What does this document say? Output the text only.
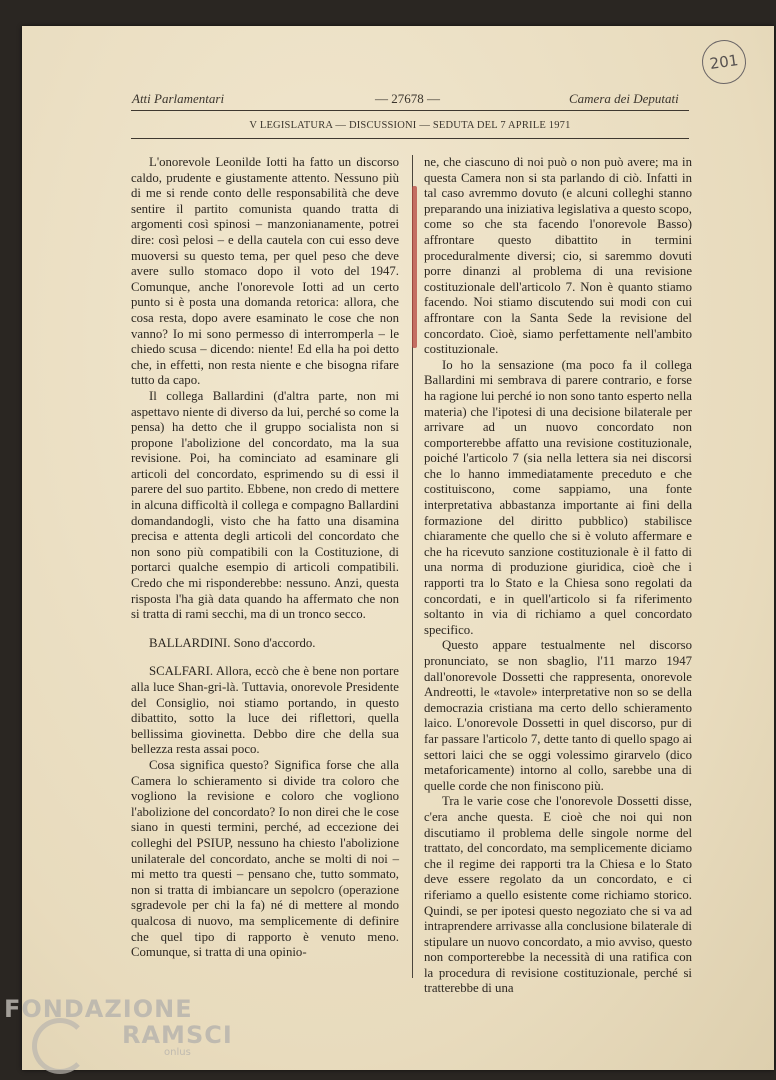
201
Atti Parlamentari	— 27678 —	Camera dei Deputati
V LEGISLATURA — DISCUSSIONI — SEDUTA DEL 7 APRILE 1971

L'onorevole Leonilde Iotti ha fatto un discorso caldo, prudente e giustamente attento. Nessuno più di me si rende conto delle responsabilità che deve sentire il partito comunista quando tratta di argomenti così spinosi – manzonianamente, potrei dire: così pelosi – e della cautela con cui esso deve muoversi su questo tema, per quel peso che deve avere sullo stomaco dopo il voto del 1947. Comunque, anche l'onorevole Iotti ad un certo punto si è posta una domanda retorica: allora, che cosa resta, dopo avere esaminato le cose che non vanno? Io mi sono permesso di interromperla – le chiedo scusa – dicendo: niente! Ed ella ha poi detto che, in effetti, non resta niente e che bisogna rifare tutto da capo.

Il collega Ballardini (d'altra parte, non mi aspettavo niente di diverso da lui, perché so come la pensa) ha detto che il gruppo socialista non si propone l'abolizione del concordato, ma la sua revisione. Poi, ha cominciato ad esaminare gli articoli del concordato, esprimendo su di essi il parere del suo partito. Ebbene, non credo di mettere in alcuna difficoltà il collega e compagno Ballardini domandandogli, visto che ha fatto una disamina precisa e attenta degli articoli del concordato che non sono più compatibili con la Costituzione, di portarci qualche esempio di articoli compatibili. Credo che mi risponderebbe: nessuno. Anzi, questa risposta l'ha già data quando ha affermato che non si tratta di rami secchi, ma di un tronco secco.

BALLARDINI. Sono d'accordo.

SCALFARI. Allora, eccò che è bene non portare alla luce Shan-gri-là. Tuttavia, onorevole Presidente del Consiglio, noi stiamo portando, in questo dibattito, sotto la luce dei riflettori, quella bellissima giovinetta. Debbo dire che della sua bellezza resta assai poco.

Cosa significa questo? Significa forse che alla Camera lo schieramento si divide tra coloro che vogliono la revisione e coloro che vogliono l'abolizione del concordato? Io non direi che le cose siano in questi termini, perché, ad eccezione dei colleghi del PSIUP, nessuno ha chiesto l'abolizione unilaterale del concordato, anche se molti di noi – mi metto tra questi – pensano che, tutto sommato, non si tratta di imbiancare un sepolcro (operazione sgradevole per chi la fa) né di mettere al mondo qualcosa di nuovo, ma semplicemente di definire che quel tipo di rapporto è venuto meno. Comunque, si tratta di una opinio-

ne, che ciascuno di noi può o non può avere; ma in questa Camera non si sta parlando di ciò. Infatti in tal caso avremmo dovuto (e alcuni colleghi stanno preparando una iniziativa legislativa a questo scopo, come so che sta facendo l'onorevole Basso) affrontare questo dibattito in termini proceduralmente diversi; cio, si saremmo dovuti porre dinanzi al problema di una revisione costituzionale dell'articolo 7. Non è quanto stiamo facendo. Noi stiamo discutendo sui modi con cui affrontare con la Santa Sede la revisione del concordato. Cioè, siamo perfettamente nell'ambito costituzionale.

Io ho la sensazione (ma poco fa il collega Ballardini mi sembrava di parere contrario, e forse ha ragione lui perché io non sono tanto esperto nella materia) che l'ipotesi di una decisione bilaterale per arrivare ad un nuovo concordato non comporterebbe affatto una revisione costituzionale, poiché l'articolo 7 (sia nella lettera sia nei discorsi che lo hanno immediatamente preceduto e che costituiscono, come sappiamo, una fonte interpretativa abbastanza importante ai fini della formazione del diritto pubblico) stabilisce chiaramente che quello che si è voluto affermare e che ha ricevuto sanzione costituzionale è il fatto di una norma di produzione giuridica, cioè che i rapporti tra lo Stato e la Chiesa sono regolati da concordati, e in quell'articolo si fa riferimento soltanto in via di richiamo a quel concordato specifico.

Questo appare testualmente nel discorso pronunciato, se non sbaglio, l'11 marzo 1947 dall'onorevole Dossetti che rappresenta, onorevole Andreotti, le «tavole» interpretative non so se della democrazia cristiana ma certo dello schieramento laico. L'onorevole Dossetti in quel discorso, pur di far passare l'articolo 7, dette tanto di quello spago ai settori laici che se oggi volessimo girarvelo (dico metaforicamente) intorno al collo, sarebbe una di quelle corde che non finiscono più.

Tra le varie cose che l'onorevole Dossetti disse, c'era anche questa. E cioè che noi qui non discutiamo il problema delle singole norme del trattato, del concordato, ma semplicemente diciamo che il regime dei rapporti tra la Chiesa e lo Stato deve essere regolato da un concordato, e ci riferiamo a quello esistente come richiamo storico. Quindi, se per ipotesi questo negoziato che si va ad intraprendere arrivasse alla conclusione bilaterale di stipulare un nuovo concordato, a mio avviso, questo non comporterebbe la necessità di una ratifica con la procedura di revisione costituzionale, perché si tratterebbe di una

FONDAZIONE
RAMSCI
onlus
